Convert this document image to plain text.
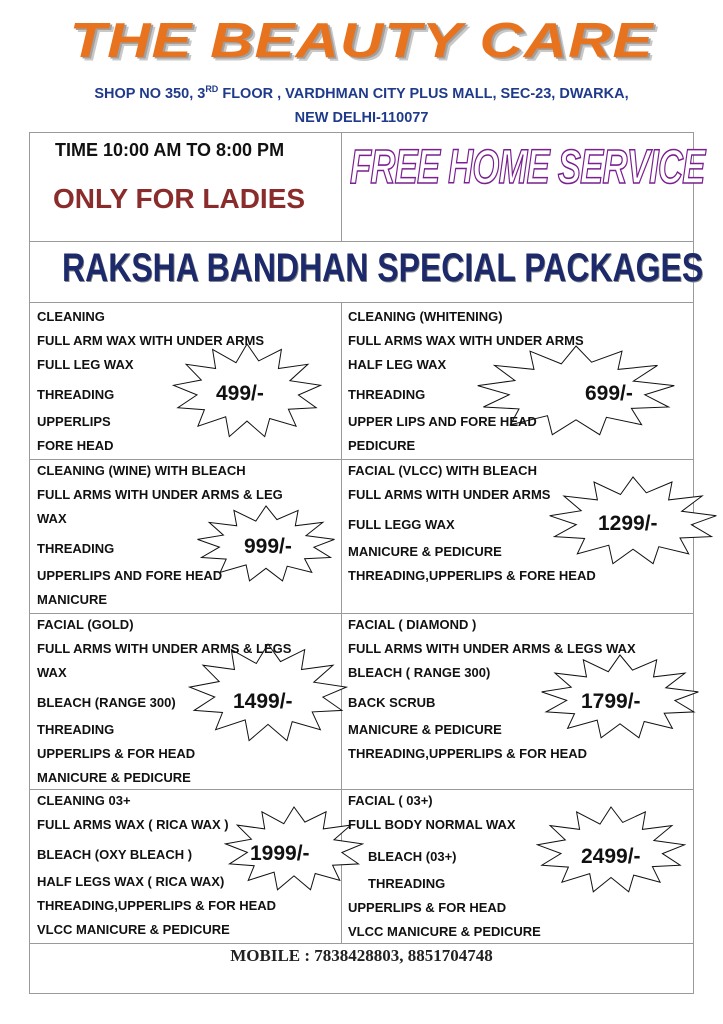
THE BEAUTY CARE
SHOP NO 350, 3RD FLOOR , VARDHMAN CITY PLUS MALL, SEC-23, DWARKA,
NEW DELHI-110077
TIME 10:00 AM TO 8:00 PM
ONLY FOR LADIES
FREE HOME SERVICE
RAKSHA BANDHAN SPECIAL PACKAGES
CLEANING
FULL ARM WAX WITH UNDER ARMS
FULL LEG WAX
THREADING
UPPERLIPS
FORE HEAD
499/-
CLEANING (WHITENING)
FULL ARMS WAX WITH UNDER ARMS
HALF LEG WAX
THREADING
UPPER LIPS AND FORE HEAD
PEDICURE
699/-
CLEANING (WINE) WITH BLEACH
FULL ARMS WITH UNDER ARMS & LEG
WAX
THREADING
UPPERLIPS AND FORE HEAD
MANICURE
999/-
FACIAL (VLCC) WITH BLEACH
FULL ARMS WITH UNDER ARMS
FULL LEGG WAX
MANICURE & PEDICURE
THREADING,UPPERLIPS & FORE HEAD
1299/-
FACIAL (GOLD)
FULL ARMS WITH UNDER ARMS & LEGS
WAX
BLEACH (RANGE 300)
THREADING
UPPERLIPS & FOR HEAD
MANICURE & PEDICURE
1499/-
FACIAL ( DIAMOND )
FULL ARMS WITH UNDER ARMS & LEGS WAX
BLEACH ( RANGE 300)
BACK SCRUB
MANICURE & PEDICURE
THREADING,UPPERLIPS & FOR HEAD
1799/-
CLEANING 03+
FULL ARMS WAX ( RICA WAX )
BLEACH (OXY BLEACH )
HALF LEGS WAX ( RICA WAX)
THREADING,UPPERLIPS & FOR HEAD
VLCC MANICURE & PEDICURE
1999/-
FACIAL ( 03+)
FULL BODY NORMAL WAX
BLEACH (03+)
THREADING
UPPERLIPS & FOR HEAD
VLCC MANICURE & PEDICURE
2499/-
MOBILE : 7838428803, 8851704748
